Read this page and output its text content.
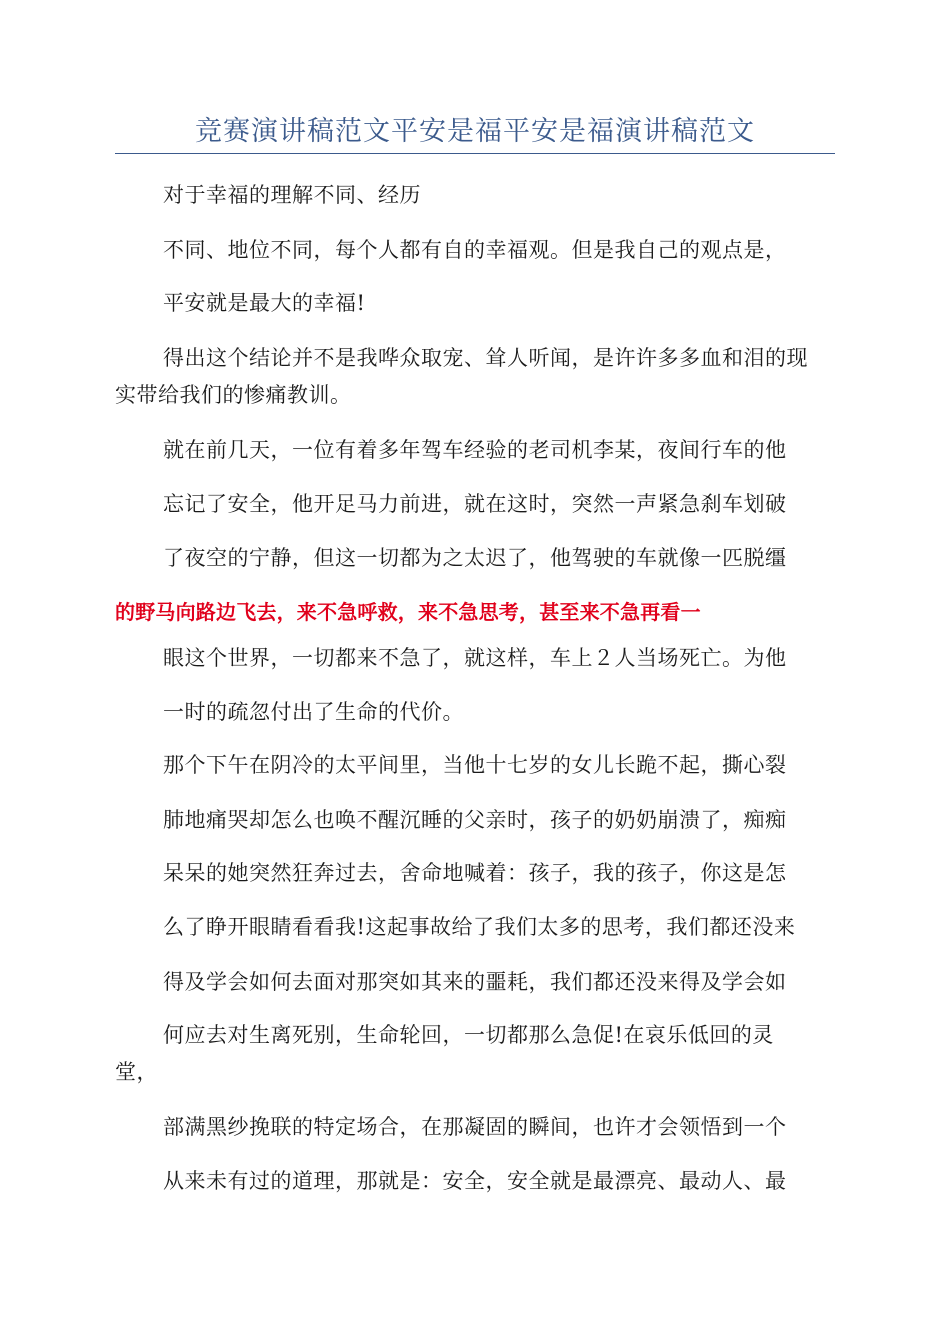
竞赛演讲稿范文平安是福平安是福演讲稿范文
对于幸福的理解不同、经历
不同、地位不同，每个人都有自的幸福观。但是我自己的观点是，
平安就是最大的幸福!
得出这个结论并不是我哗众取宠、耸人听闻，是许许多多血和泪的现
实带给我们的惨痛教训。
就在前几天，一位有着多年驾车经验的老司机李某，夜间行车的他
忘记了安全，他开足马力前进，就在这时，突然一声紧急刹车划破
了夜空的宁静，但这一切都为之太迟了，他驾驶的车就像一匹脱缰
的野马向路边飞去，来不急呼救，来不急思考，甚至来不急再看一
眼这个世界，一切都来不急了，就这样，车上２人当场死亡。为他
一时的疏忽付出了生命的代价。
那个下午在阴冷的太平间里，当他十七岁的女儿长跪不起，撕心裂
肺地痛哭却怎么也唤不醒沉睡的父亲时，孩子的奶奶崩溃了，痴痴
呆呆的她突然狂奔过去，舍命地喊着：孩子，我的孩子，你这是怎
么了睁开眼睛看看我!这起事故给了我们太多的思考，我们都还没来
得及学会如何去面对那突如其来的噩耗，我们都还没来得及学会如
何应去对生离死别，生命轮回，一切都那么急促!在哀乐低回的灵
堂，
部满黑纱挽联的特定场合，在那凝固的瞬间，也许才会领悟到一个
从来未有过的道理，那就是：安全，安全就是最漂亮、最动人、最
